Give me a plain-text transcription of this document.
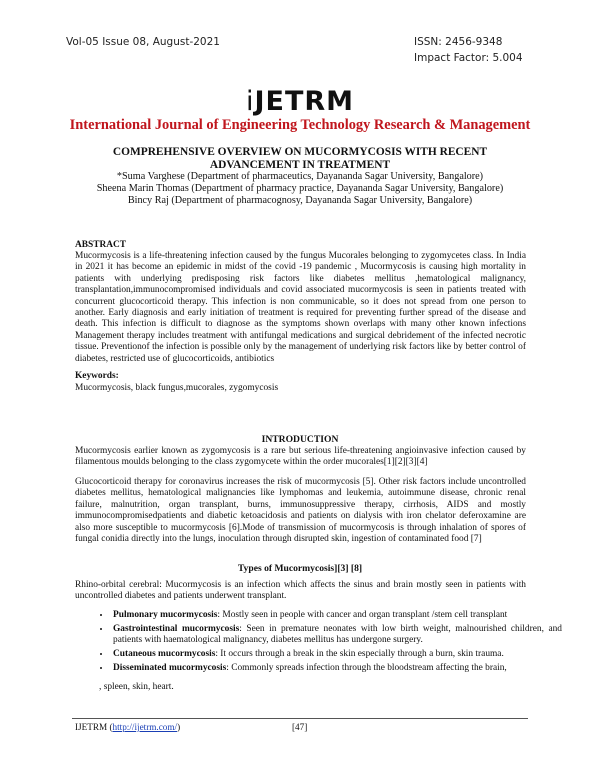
Vol-05 Issue 08, August-2021	ISSN: 2456-9348
Impact Factor: 5.004
iJETRM
International Journal of Engineering Technology Research & Management
COMPREHENSIVE OVERVIEW ON MUCORMYCOSIS WITH RECENT ADVANCEMENT IN TREATMENT
*Suma Varghese (Department of pharmaceutics, Dayananda Sagar University, Bangalore)
Sheena Marin Thomas (Department of pharmacy practice, Dayananda Sagar University, Bangalore)
Bincy Raj (Department of pharmacognosy, Dayananda Sagar University, Bangalore)
ABSTRACT

Mucormycosis is a life-threatening infection caused by the fungus Mucorales belonging to zygomycetes class. In India in 2021 it has become an epidemic in midst of the covid -19 pandemic , Mucormycosis is causing high mortality in patients with underlying predisposing risk factors like diabetes mellitus ,hematological malignancy, transplantation,immunocompromised individuals and covid associated mucormycosis is seen in patients treated with concurrent glucocorticoid therapy. This infection is non communicable, so it does not spread from one person to another. Early diagnosis and early initiation of treatment is required for preventing further spread of the disease and death. This infection is difficult to diagnose as the symptoms shown overlaps with many other known infections Management therapy includes treatment with antifungal medications and surgical debridement of the infected necrotic tissue. Preventionof the infection is possible only by the management of underlying risk factors like by better control of diabetes, restricted use of glucocorticoids, antibiotics

Keywords:

Mucormycosis, black fungus,mucorales, zygomycosis

INTRODUCTION

Mucormycosis earlier known as zygomycosis is a rare but serious life-threatening angioinvasive infection caused by filamentous moulds belonging to the class zygomycete within the order mucorales[1][2][3][4]

Glucocorticoid therapy for coronavirus increases the risk of mucormycosis [5]. Other risk factors include uncontrolled diabetes mellitus, hematological malignancies like lymphomas and leukemia, autoimmune disease, chronic renal failure, malnutrition, organ transplant, burns, immunosuppressive therapy, cirrhosis, AIDS and mostly immunocompromisedpatients and diabetic ketoacidosis and patients on dialysis with iron chelator deferoxamine are also more susceptible to mucormycosis [6].Mode of transmission of mucormycosis is through inhalation of spores of fungal conidia directly into the lungs, inoculation through disrupted skin, ingestion of contaminated food [7]

Types of Mucormycosis][3] [8]

Rhino-orbital cerebral: Mucormycosis is an infection which affects the sinus and brain mostly seen in patients with uncontrolled diabetes and patients underwent transplant.

• Pulmonary mucormycosis: Mostly seen in people with cancer and organ transplant /stem cell transplant
• Gastrointestinal mucormycosis: Seen in premature neonates with low birth weight, malnourished children, and patients with haematological malignancy, diabetes mellitus has undergone surgery.
• Cutaneous mucormycosis: It occurs through a break in the skin especially through a burn, skin trauma.
• Disseminated mucormycosis: Commonly spreads infection through the bloodstream affecting the brain,

, spleen, skin, heart.

IJETRM (http://ijetrm.com/)	[47]
